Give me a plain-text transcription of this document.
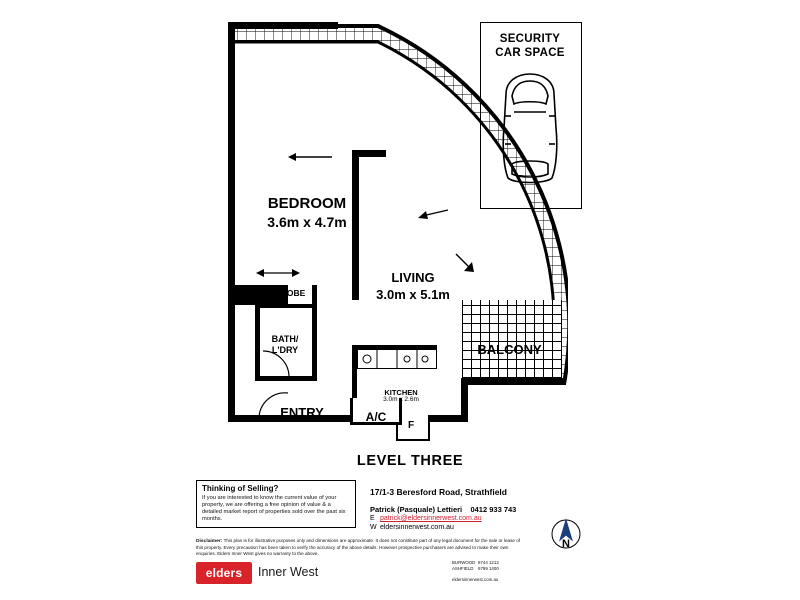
SECURITY
CAR SPACE
BEDROOM
3.6m x 4.7m
LIVING
3.0m x 5.1m
BALCONY
ROBE
BATH/
L'DRY
KITCHEN
3.0m x 2.6m
ENTRY	A/C
F
LEVEL THREE
Thinking of Selling?
If you are interested to know the current value of your property, we are offering a free opinion of value & a detailed market report of properties sold over the past six months.
17/1-3 Beresford Road, Strathfield
Patrick (Pasquale) Lettieri 0412 933 743
E patrick@eldersinnerwest.com.au
W eldersinnerwest.com.au
Disclaimer: This plan is for illustrative purposes only and dimensions are approximate. It does not constitute part of any legal document for the sale or lease of this property. Every precaution has been taken to verify the accuracy of the above details. However prospective purchasers are advised to make their own enquiries. Elders Inner West gives no warranty to the above.
elders	Inner West
BURWOOD 9744 1212
ASHFIELD 9799 1400
eldersinnerwest.com.au
N
